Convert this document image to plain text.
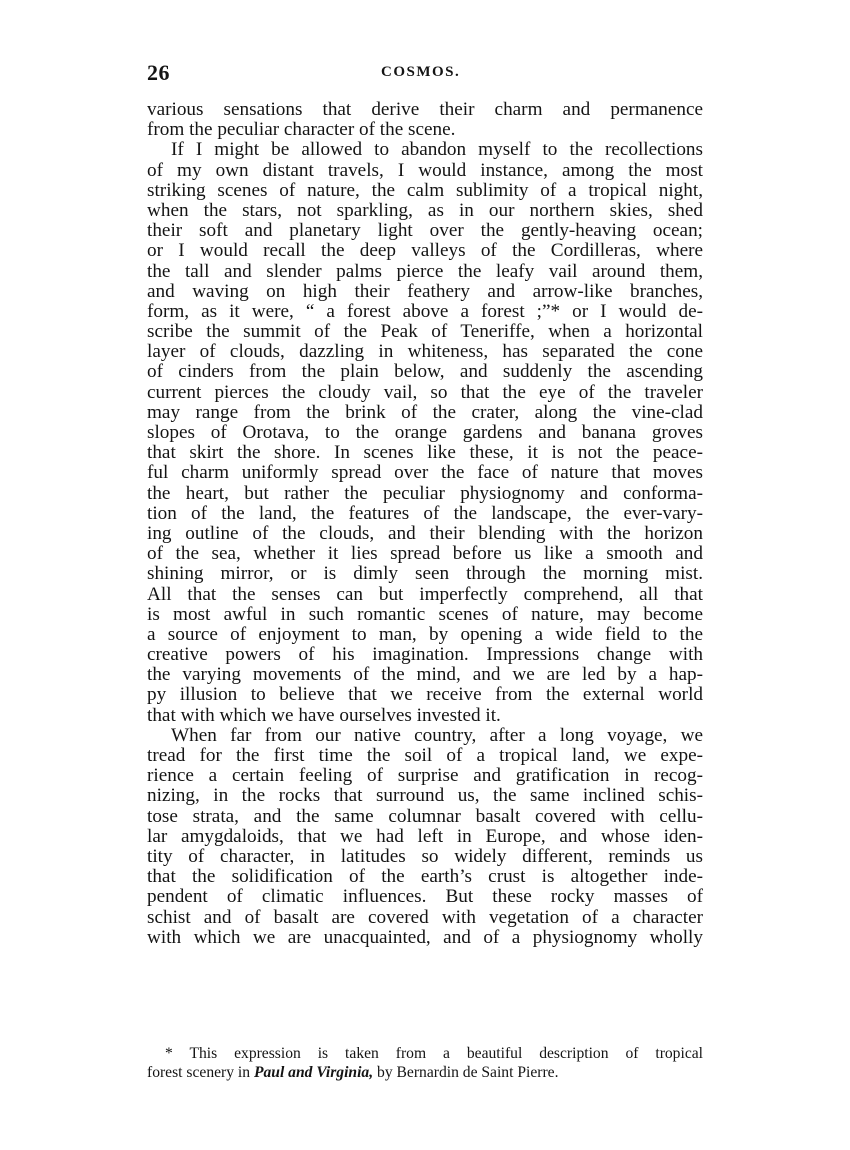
26	COSMOS.
various sensations that derive their charm and permanence
from the peculiar character of the scene.
If I might be allowed to abandon myself to the recollections
of my own distant travels, I would instance, among the most
striking scenes of nature, the calm sublimity of a tropical night,
when the stars, not sparkling, as in our northern skies, shed
their soft and planetary light over the gently-heaving ocean;
or I would recall the deep valleys of the Cordilleras, where
the tall and slender palms pierce the leafy vail around them,
and waving on high their feathery and arrow-like branches,
form, as it were, “ a forest above a forest ;”* or I would de-
scribe the summit of the Peak of Teneriffe, when a horizontal
layer of clouds, dazzling in whiteness, has separated the cone
of cinders from the plain below, and suddenly the ascending
current pierces the cloudy vail, so that the eye of the traveler
may range from the brink of the crater, along the vine-clad
slopes of Orotava, to the orange gardens and banana groves
that skirt the shore. In scenes like these, it is not the peace-
ful charm uniformly spread over the face of nature that moves
the heart, but rather the peculiar physiognomy and conforma-
tion of the land, the features of the landscape, the ever-vary-
ing outline of the clouds, and their blending with the horizon
of the sea, whether it lies spread before us like a smooth and
shining mirror, or is dimly seen through the morning mist.
All that the senses can but imperfectly comprehend, all that
is most awful in such romantic scenes of nature, may become
a source of enjoyment to man, by opening a wide field to the
creative powers of his imagination. Impressions change with
the varying movements of the mind, and we are led by a hap-
py illusion to believe that we receive from the external world
that with which we have ourselves invested it.
When far from our native country, after a long voyage, we
tread for the first time the soil of a tropical land, we expe-
rience a certain feeling of surprise and gratification in recog-
nizing, in the rocks that surround us, the same inclined schis-
tose strata, and the same columnar basalt covered with cellu-
lar amygdaloids, that we had left in Europe, and whose iden-
tity of character, in latitudes so widely different, reminds us
that the solidification of the earth’s crust is altogether inde-
pendent of climatic influences. But these rocky masses of
schist and of basalt are covered with vegetation of a character
with which we are unacquainted, and of a physiognomy wholly
* This expression is taken from a beautiful description of tropical
forest scenery in Paul and Virginia, by Bernardin de Saint Pierre.
